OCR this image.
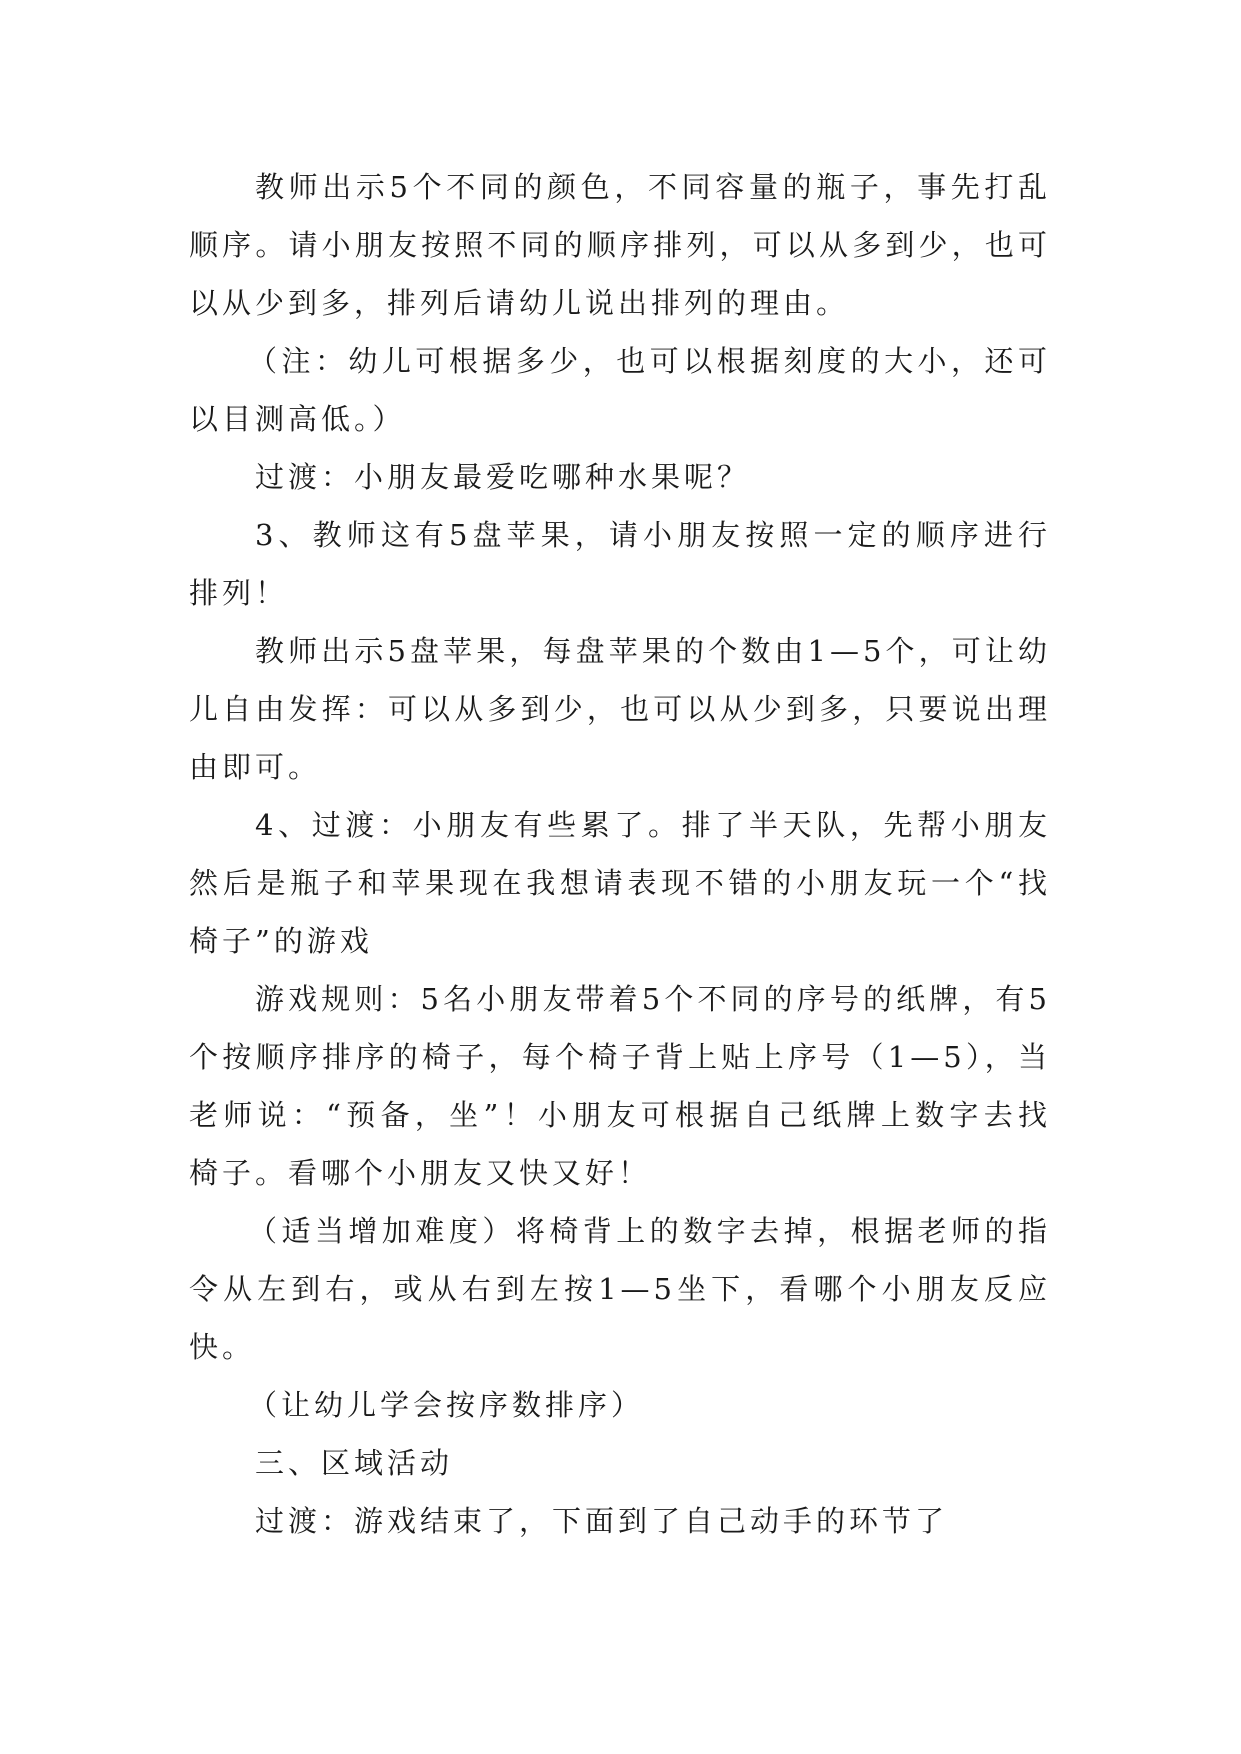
教师出示5个不同的颜色，不同容量的瓶子，事先打乱顺序。请小朋友按照不同的顺序排列，可以从多到少，也可以从少到多，排列后请幼儿说出排列的理由。

（注：幼儿可根据多少，也可以根据刻度的大小，还可以目测高低。）

过渡：小朋友最爱吃哪种水果呢？

3、教师这有5盘苹果，请小朋友按照一定的顺序进行排列！

教师出示5盘苹果，每盘苹果的个数由1—5个，可让幼儿自由发挥：可以从多到少，也可以从少到多，只要说出理由即可。

4、过渡：小朋友有些累了。排了半天队，先帮小朋友然后是瓶子和苹果现在我想请表现不错的小朋友玩一个“找椅子”的游戏

游戏规则：5名小朋友带着5个不同的序号的纸牌，有5个按顺序排序的椅子，每个椅子背上贴上序号（1—5），当老师说：“预备，坐”！小朋友可根据自己纸牌上数字去找椅子。看哪个小朋友又快又好！

（适当增加难度）将椅背上的数字去掉，根据老师的指令从左到右，或从右到左按1—5坐下，看哪个小朋友反应快。

（让幼儿学会按序数排序）

三、区域活动

过渡：游戏结束了，下面到了自己动手的环节了
